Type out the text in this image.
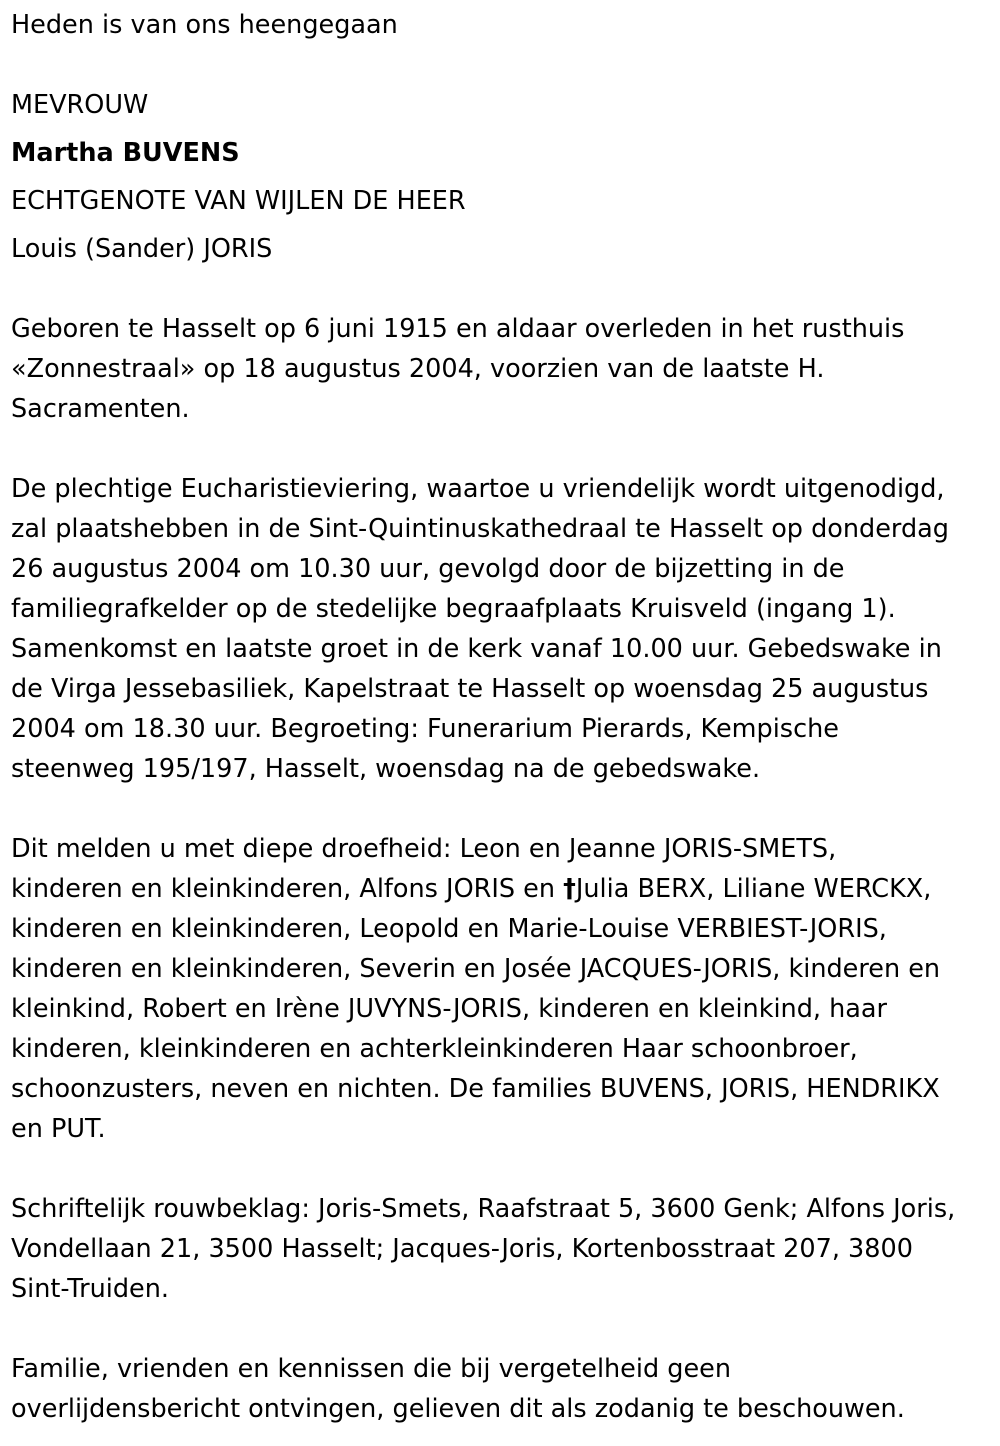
Heden is van ons heengegaan
MEVROUW
Martha BUVENS
ECHTGENOTE VAN WIJLEN DE HEER
Louis (Sander) JORIS
Geboren te Hasselt op 6 juni 1915 en aldaar overleden in het rusthuis
«Zonnestraal» op 18 augustus 2004, voorzien van de laatste H.
Sacramenten.
De plechtige Eucharistieviering, waartoe u vriendelijk wordt uitgenodigd,
zal plaatshebben in de Sint-Quintinuskathedraal te Hasselt op donderdag
26 augustus 2004 om 10.30 uur, gevolgd door de bijzetting in de
familiegrafkelder op de stedelijke begraafplaats Kruisveld (ingang 1).
Samenkomst en laatste groet in de kerk vanaf 10.00 uur. Gebedswake in
de Virga Jessebasiliek, Kapelstraat te Hasselt op woensdag 25 augustus
2004 om 18.30 uur. Begroeting: Funerarium Pierards, Kempische
steenweg 195/197, Hasselt, woensdag na de gebedswake.
Dit melden u met diepe droefheid: Leon en Jeanne JORIS-SMETS,
kinderen en kleinkinderen, Alfons JORIS en †Julia BERX, Liliane WERCKX,
kinderen en kleinkinderen, Leopold en Marie-Louise VERBIEST-JORIS,
kinderen en kleinkinderen, Severin en Josée JACQUES-JORIS, kinderen en
kleinkind, Robert en Irène JUVYNS-JORIS, kinderen en kleinkind, haar
kinderen, kleinkinderen en achterkleinkinderen Haar schoonbroer,
schoonzusters, neven en nichten. De families BUVENS, JORIS, HENDRIKX
en PUT.
Schriftelijk rouwbeklag: Joris-Smets, Raafstraat 5, 3600 Genk; Alfons Joris,
Vondellaan 21, 3500 Hasselt; Jacques-Joris, Kortenbosstraat 207, 3800
Sint-Truiden.
Familie, vrienden en kennissen die bij vergetelheid geen
overlijdensbericht ontvingen, gelieven dit als zodanig te beschouwen.
